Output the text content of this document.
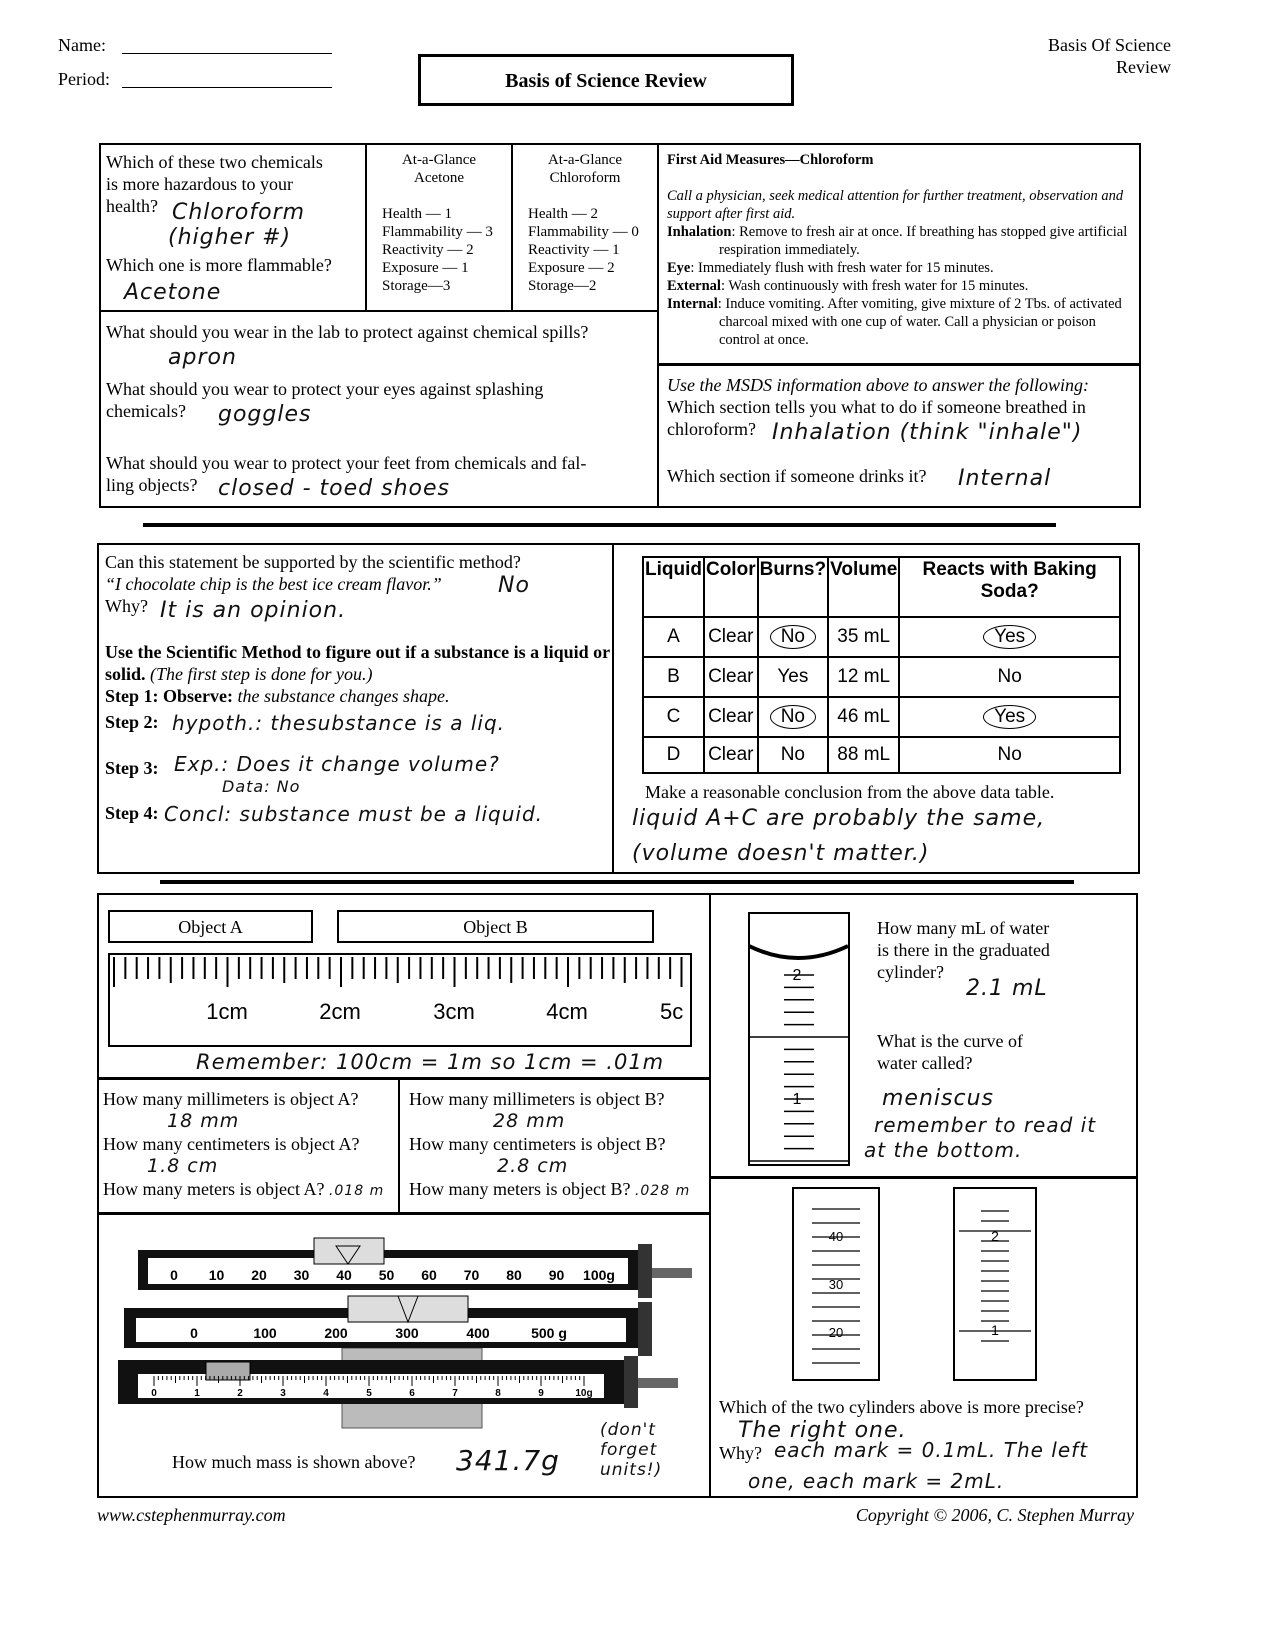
Name:
Period:	Basis of Science Review
Basis Of Science
Review
Which of these two chemicals
is more hazardous to your
health? Chloroform
(higher #)
Which one is more flammable?
Acetone
At-a-Glance
Acetone
Health — 1
Flammability — 3
Reactivity — 2
Exposure — 1
Storage—3
At-a-Glance
Chloroform
Health — 2
Flammability — 0
Reactivity — 1
Exposure — 2
Storage—2
First Aid Measures—Chloroform
Call a physician, seek medical attention for further treatment, observation and support after first aid.
Inhalation: Remove to fresh air at once. If breathing has stopped give artificial respiration immediately.
Eye: Immediately flush with fresh water for 15 minutes.
External: Wash continuously with fresh water for 15 minutes.
Internal: Induce vomiting. After vomiting, give mixture of 2 Tbs. of activated charcoal mixed with one cup of water. Call a physician or poison control at once.
What should you wear in the lab to protect against chemical spills?
apron
What should you wear to protect your eyes against splashing
chemicals?	goggles
What should you wear to protect your feet from chemicals and fal-
ling objects? closed - toed shoes
Use the MSDS information above to answer the following:
Which section tells you what to do if someone breathed in
chloroform? Inhalation (think "inhale")
Which section if someone drinks it? Internal
Can this statement be supported by the scientific method?
“I chocolate chip is the best ice cream flavor.”
Why?
Use the Scientific Method to figure out if a substance is a liquid or solid. (The first step is done for you.)
Step 1: Observe: the substance changes shape.
No
It is an opinion.
Step 2: hypoth.: thesubstance is a liq.
Step 3: Exp.: Does it change volume?
Data: No
Step 4: Concl: substance must be a liquid.
Liquid	Color	Burns?	Volume	Reacts with Baking Soda?
A	Clear	No	35 mL	Yes
B	Clear	Yes	12 mL	No
C	Clear	No	46 mL	Yes
D	Clear	No	88 mL	No
Make a reasonable conclusion from the above data table.
liquid A+C are probably the same,
(volume doesn't matter.)
Object A	Object B
1cm	2cm	3cm	4cm	5c
Remember: 100cm = 1m so 1cm = .01m
How many millimeters is object A?
18 mm
How many centimeters is object A?
1.8 cm
How many meters is object A? .018 m
How many millimeters is object B?
28 mm
How many centimeters is object B?
2.8 cm
How many meters is object B? .028 m
2
1
How many mL of water
is there in the graduated
cylinder?
2.1 mL
What is the curve of
water called?
meniscus
remember to read it
at the bottom.
0 10 20 30 40 50 60 70 80 90 100g
0	100	200	300	400	500 g
0	1	2	3	4	5	6	7	8	9	10g
How much mass is shown above? 341.7g
(don't
forget
units!)
40
30
20
2
1
Which of the two cylinders above is more precise?
The right one.
Why? each mark = 0.1mL. The left
one, each mark = 2mL.
www.cstephenmurray.com	Copyright © 2006, C. Stephen Murray
